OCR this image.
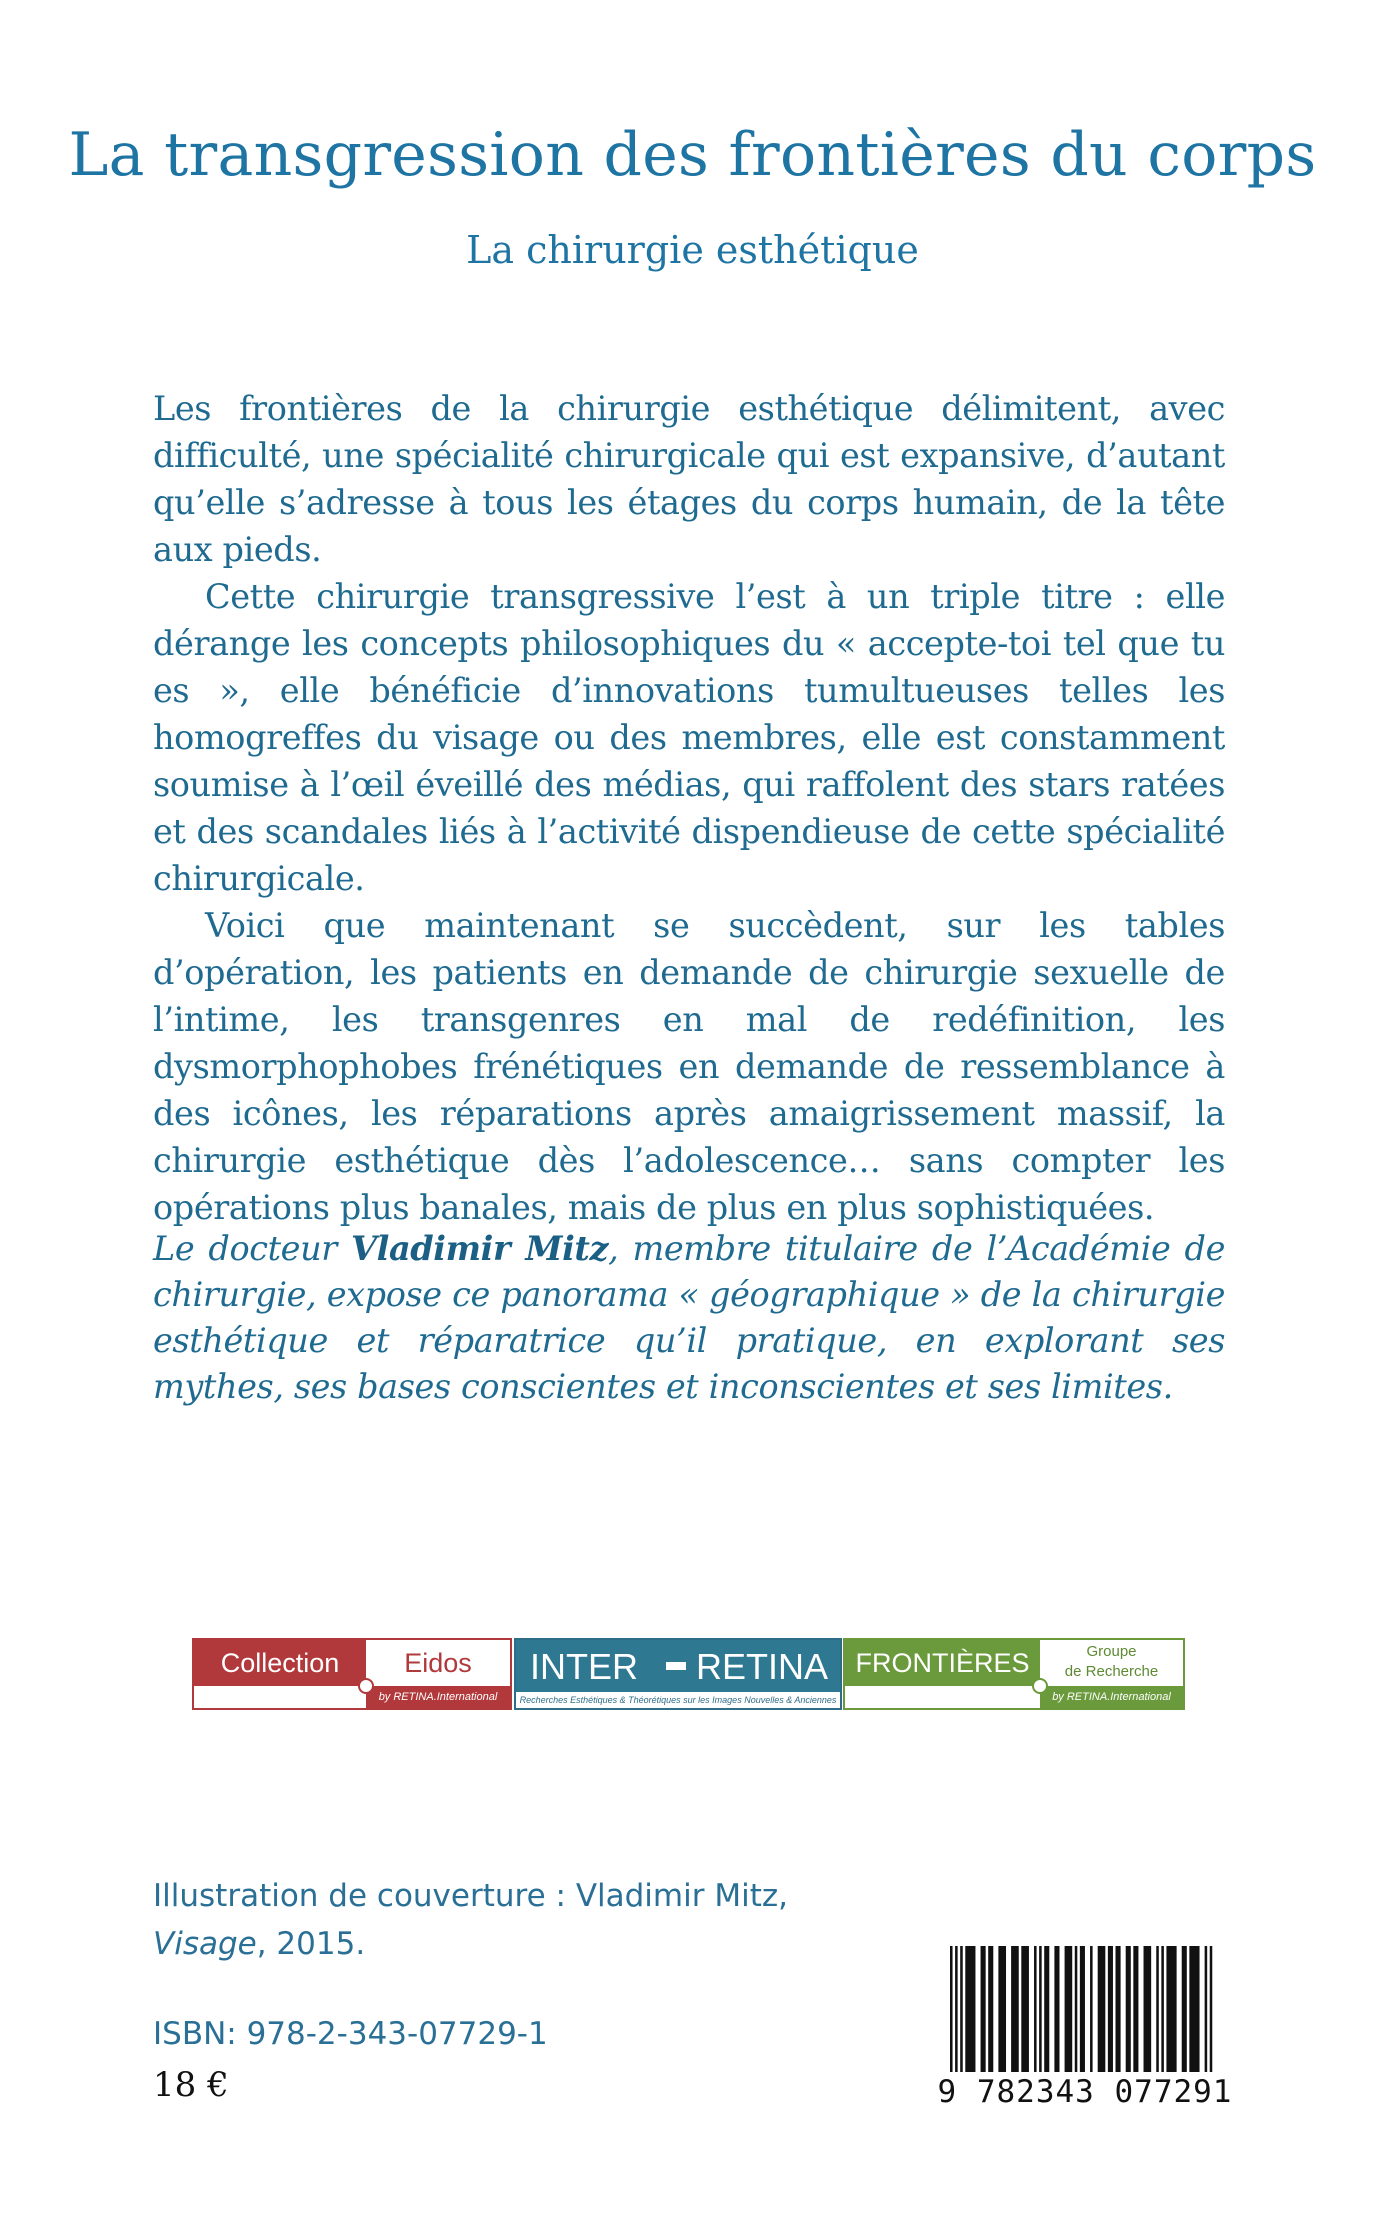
La transgression des frontières du corps
La chirurgie esthétique

Les frontières de la chirurgie esthétique délimitent, avec difficulté, une spécialité chirurgicale qui est expansive, d’autant qu’elle s’adresse à tous les étages du corps humain, de la tête aux pieds.

Cette chirurgie transgressive l’est à un triple titre : elle dérange les concepts philosophiques du « accepte-toi tel que tu es », elle bénéficie d’innovations tumultueuses telles les homogreffes du visage ou des membres, elle est constamment soumise à l’œil éveillé des médias, qui raffolent des stars ratées et des scandales liés à l’activité dispendieuse de cette spécialité chirurgicale.

Voici que maintenant se succèdent, sur les tables d’opération, les patients en demande de chirurgie sexuelle de l’intime, les transgenres en mal de redéfinition, les dysmorphophobes frénétiques en demande de ressemblance à des icônes, les réparations après amaigrissement massif, la chirurgie esthétique dès l’adolescence… sans compter les opérations plus banales, mais de plus en plus sophistiquées.

Le docteur Vladimir Mitz, membre titulaire de l’Académie de chirurgie, expose ce panorama « géographique » de la chirurgie esthétique et réparatrice qu’il pratique, en explorant ses mythes, ses bases conscientes et inconscientes et ses limites.
Collection	Eidos
by RETINA.International
INTER RETINA
Recherches Esthétiques & Théorétiques sur les Images Nouvelles & Anciennes
FRONTIÈRES	Groupe
de Recherche
by RETINA.International
Illustration de couverture : Vladimir Mitz,
Visage, 2015.
ISBN: 978-2-343-07729-1
18 €	9 782343 077291
